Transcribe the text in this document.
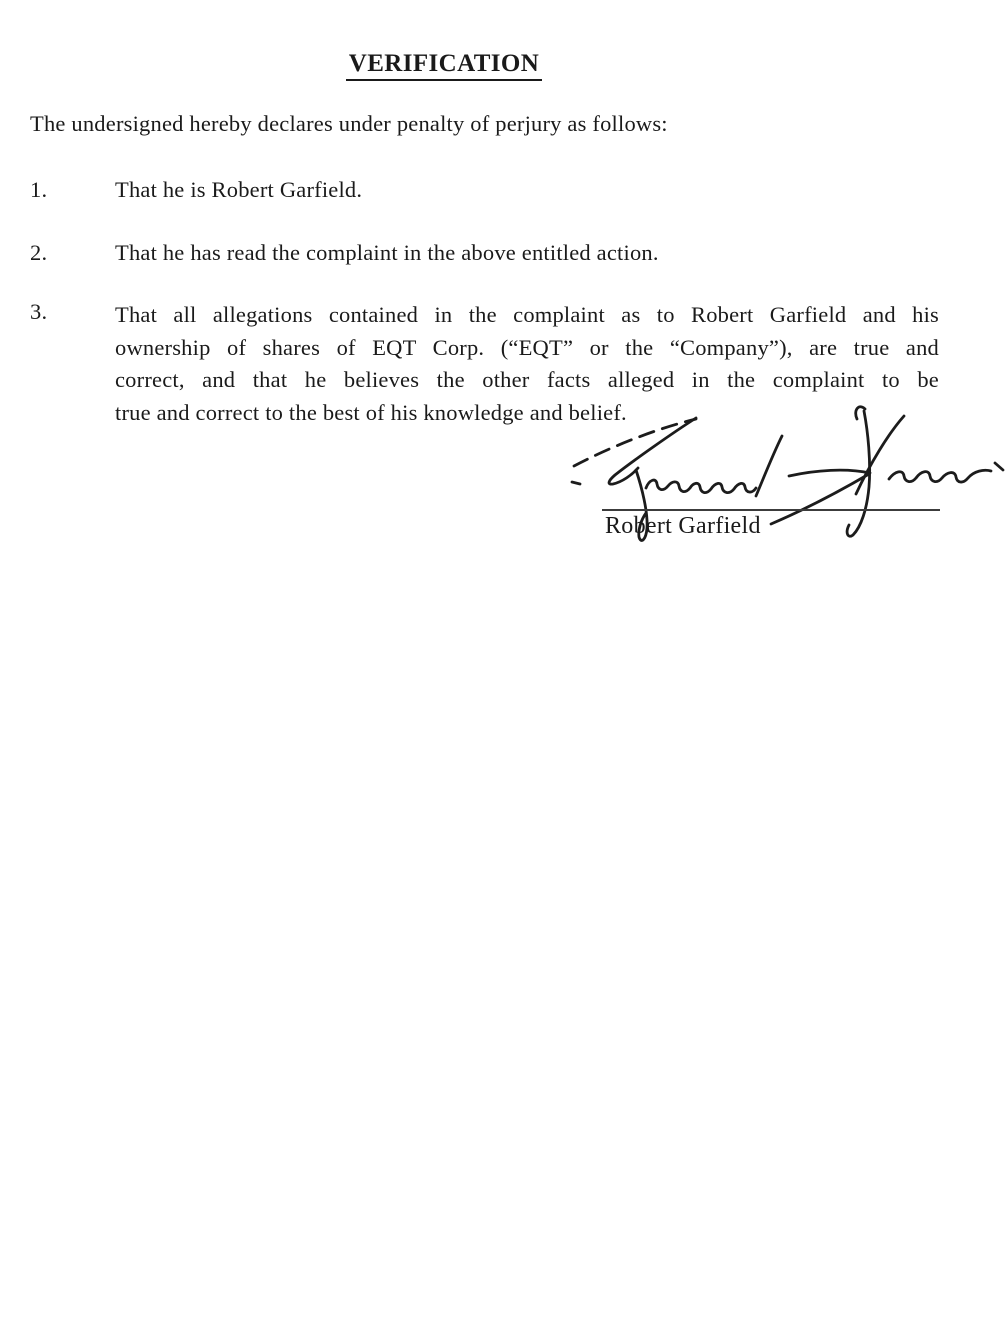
VERIFICATION
The undersigned hereby declares under penalty of perjury as follows:
1.	That he is Robert Garfield.
2.	That he has read the complaint in the above entitled action.
3.	That all allegations contained in the complaint as to Robert Garfield and his
ownership of shares of EQT Corp. (“EQT” or the “Company”), are true and
correct, and that he believes the other facts alleged in the complaint to be
true and correct to the best of his knowledge and belief.
Robert Garfield
